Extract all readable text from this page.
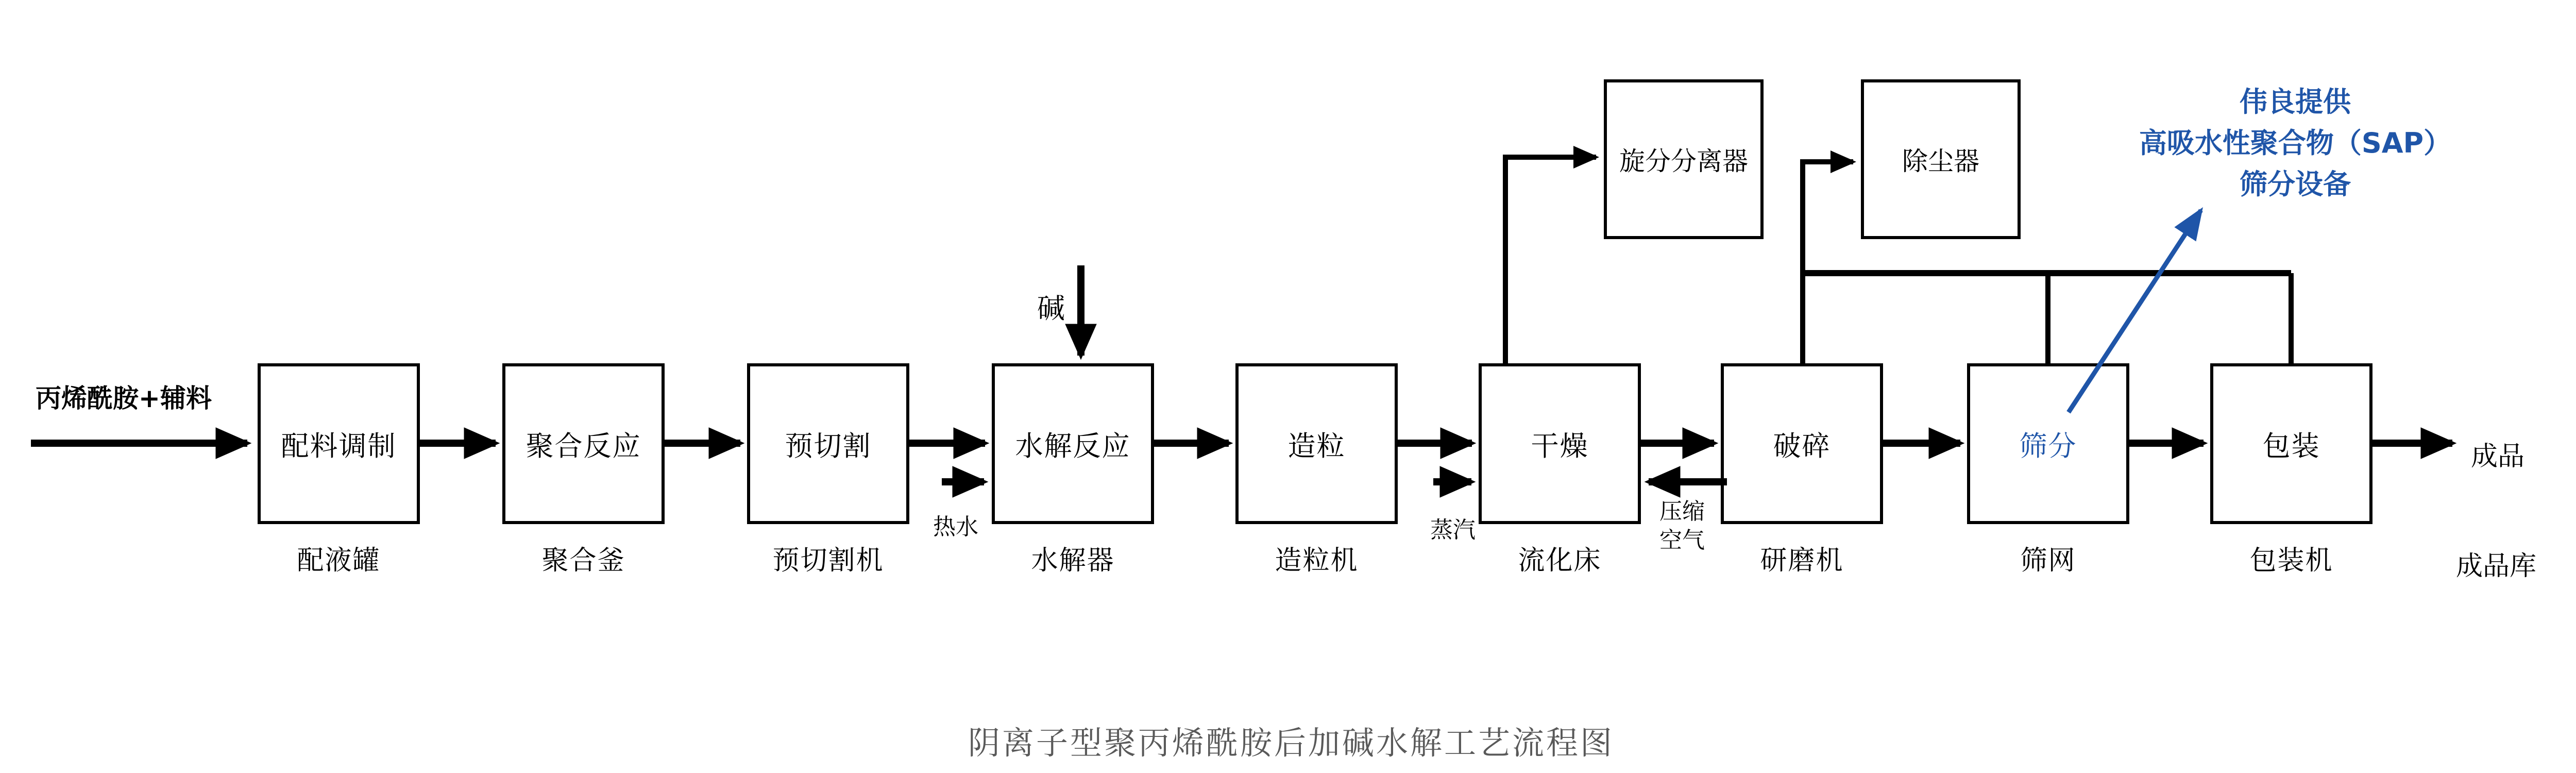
配料调制	聚合反应	预切割	水解反应	造粒	干燥	破碎	筛分	包装
旋分分离器	除尘器
配液罐	聚合釜	预切割机	水解器	造粒机	流化床	研磨机	筛网	包装机
丙烯酰胺+辅料
碱
热水	蒸汽
压缩
空气
成品
成品库
伟良提供
高吸水性聚合物（SAP）
筛分设备
阴离子型聚丙烯酰胺后加碱水解工艺流程图
